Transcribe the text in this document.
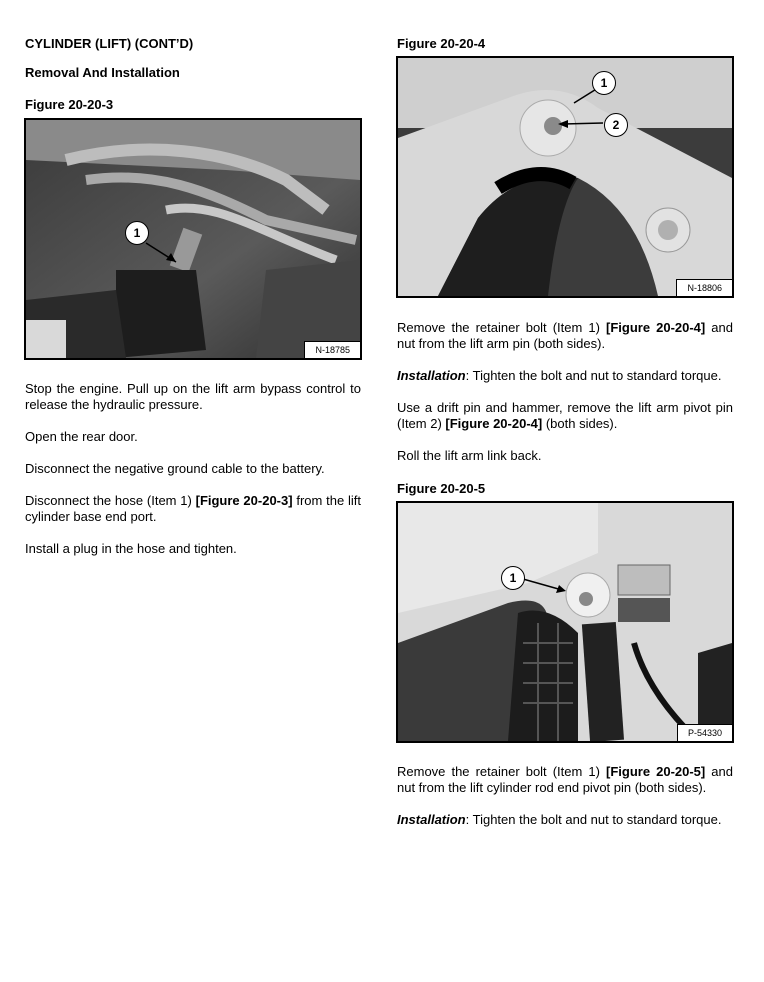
CYLINDER (LIFT) (CONT’D)
Removal And Installation
Figure 20-20-3
1
N-18785
Stop the engine. Pull up on the lift arm bypass control to release the hydraulic pressure.
Open the rear door.
Disconnect the negative ground cable to the battery.
Disconnect the hose (Item 1) [Figure 20-20-3] from the lift cylinder base end port.
Install a plug in the hose and tighten.
Figure 20-20-4
1
2
N-18806
Remove the retainer bolt (Item 1) [Figure 20-20-4] and nut from the lift arm pin (both sides).
Installation: Tighten the bolt and nut to standard torque.
Use a drift pin and hammer, remove the lift arm pivot pin (Item 2) [Figure 20-20-4] (both sides).
Roll the lift arm link back.
Figure 20-20-5
1
P-54330
Remove the retainer bolt (Item 1) [Figure 20-20-5] and nut from the lift cylinder rod end pivot pin (both sides).
Installation: Tighten the bolt and nut to standard torque.
